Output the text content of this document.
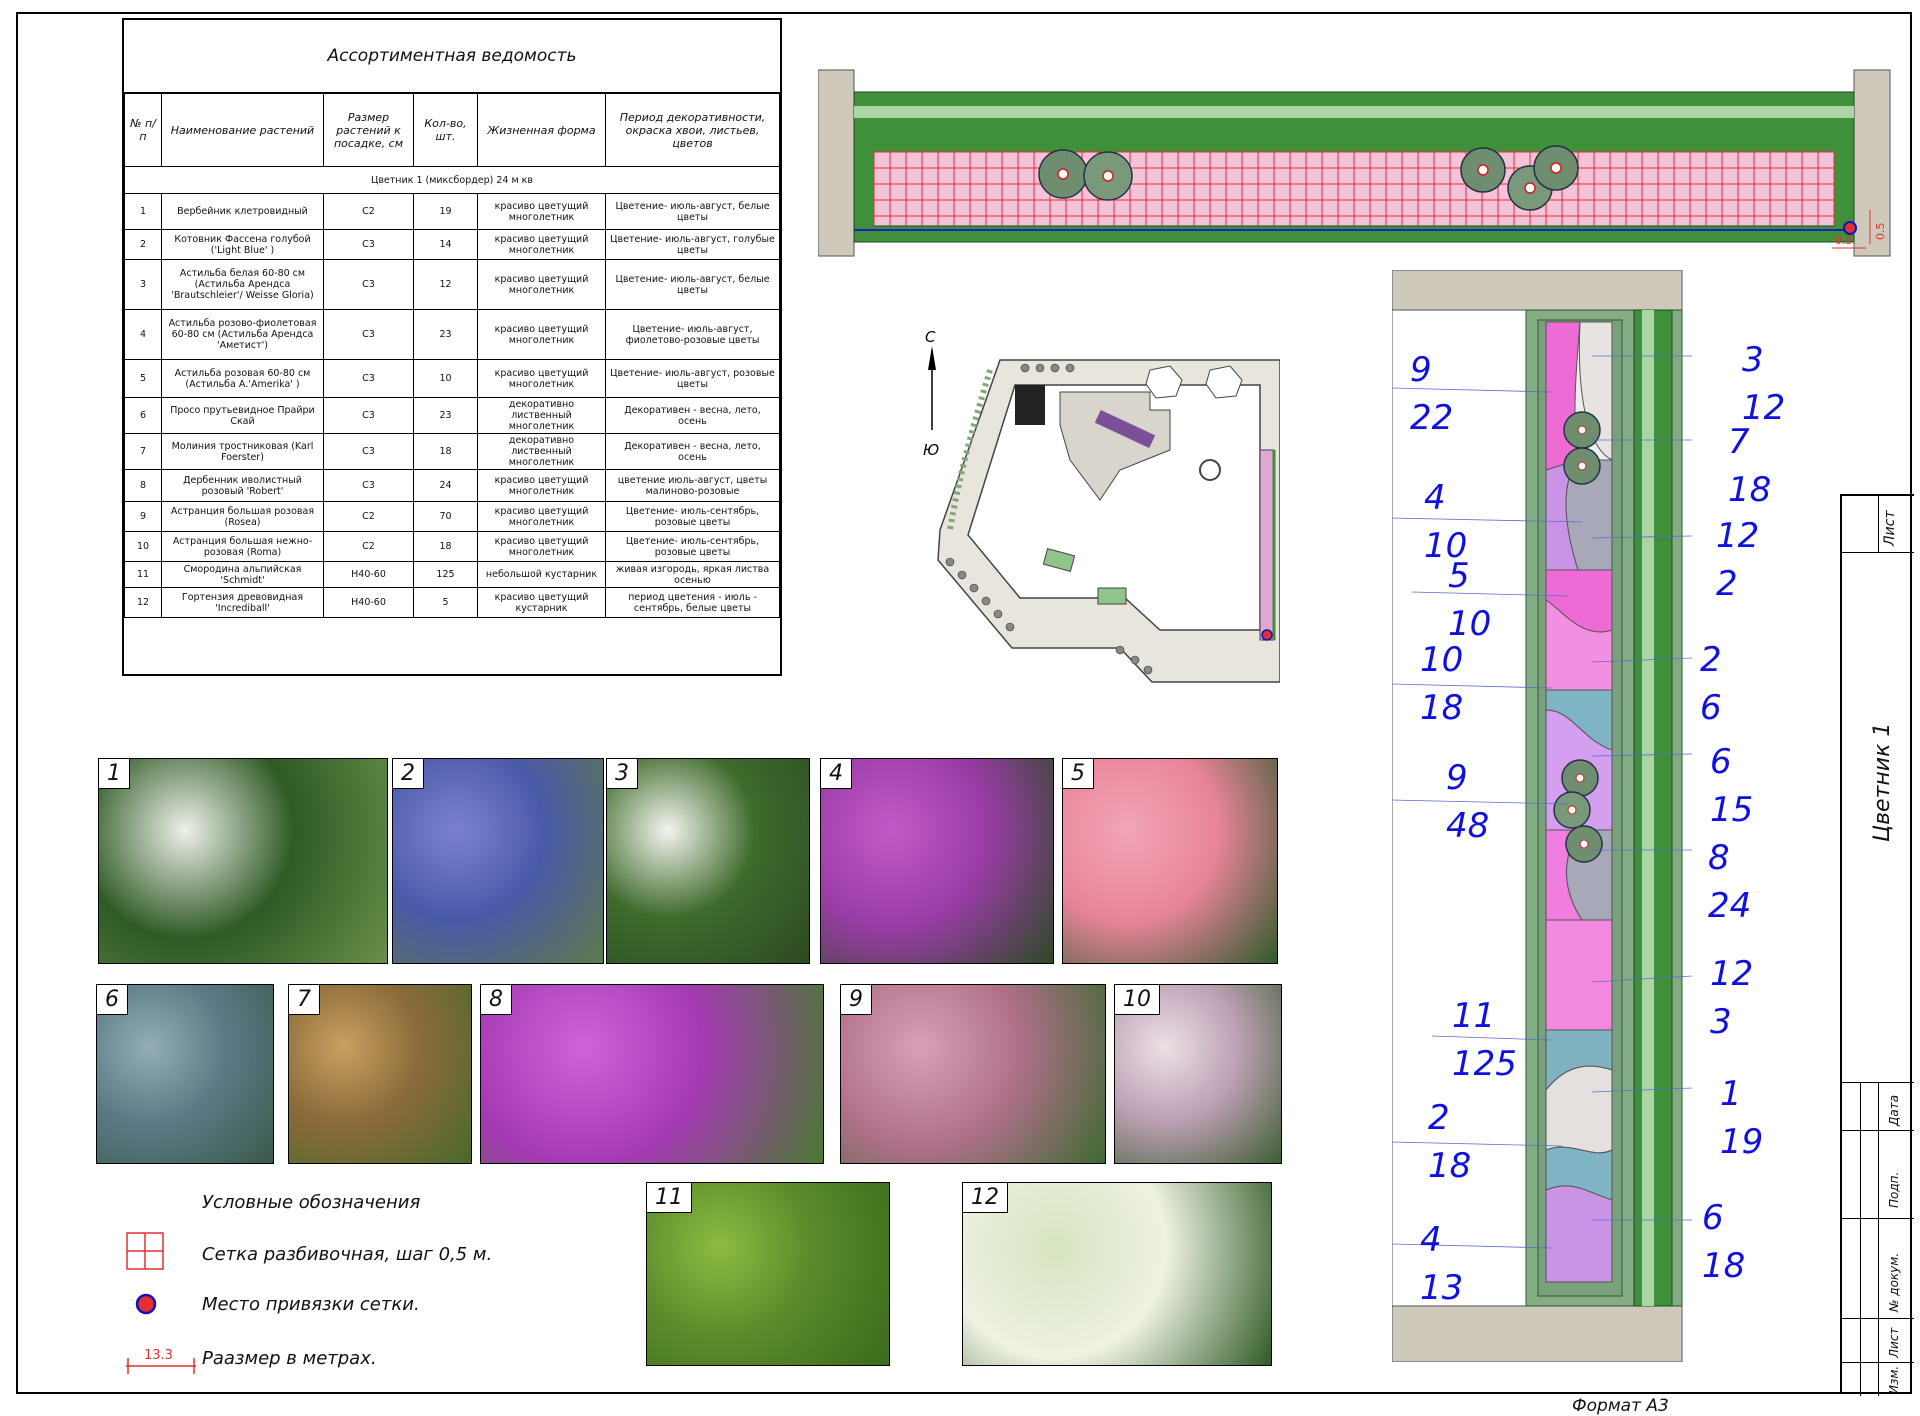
Ассортиментная ведомость
№ п/п	Наименование растений	Размер растений к посадке, см	Кол-во, шт.	Жизненная форма	Период декоративности, окраска хвои, листьев, цветов
Цветник 1 (миксбордер) 24 м кв					
1	Вербейник клетровидный	С2	19	красиво цветущий многолетник	Цветение- июль-август, белые цветы
2	Котовник Фассена голубой ('Light Blue' )	С3	14	красиво цветущий многолетник	Цветение- июль-август, голубые цветы
3	Астильба белая 60-80 см (Астильба Арендса 'Brautschleier'/ Weisse Gloria)	С3	12	красиво цветущий многолетник	Цветение- июль-август, белые цветы
4	Астильба розово-фиолетовая 60-80 см (Астильба Арендса 'Аметист')	С3	23	красиво цветущий многолетник	Цветение- июль-август, фиолетово-розовые цветы
5	Астильба розовая 60-80 см (Астильба А.'Amerika' )	С3	10	красиво цветущий многолетник	Цветение- июль-август, розовые цветы
6	Просо прутьевидное Прайри Скай	С3	23	декоративно лиственный многолетник	Декоративен - весна, лето, осень
7	Молиния тростниковая (Karl Foerster)	С3	18	декоративно лиственный многолетник	Декоративен - весна, лето, осень
8	Дербенник иволистный розовый 'Robert'	С3	24	красиво цветущий многолетник	цветение июль-август, цветы малиново-розовые
9	Астранция большая розовая (Rosea)	С2	70	красиво цветущий многолетник	Цветение- июль-сентябрь, розовые цветы
10	Астранция большая нежно-розовая (Roma)	С2	18	красиво цветущий многолетник	Цветение- июль-сентябрь, розовые цветы
11	Смородина альпийская 'Schmidt'	Н40-60	125	небольшой кустарник	живая изгородь, яркая листва осенью
12	Гортензия древовидная 'Incrediball'	Н40-60	5	красиво цветущий кустарник	период цветения - июль - сентябрь, белые цветы
0.5
0.5
С
Ю
9
22
4
10
5
10
10
18
9
48
11
125
2
18
4
13
3
12
7
18
12
2
2
6
6
15
8
24
12
3
1
19
6
18
1	2	3	4	5
6	7	8	9	10
11	12
Условные обозначения
Сетка разбивочная, шаг 0,5 м.
Место привязки сетки.
13.3 Раазмер в метрах.
Лист
Цветник 1
Дата
Подп.
№ докум.
Лист
Изм.
Формат А3
